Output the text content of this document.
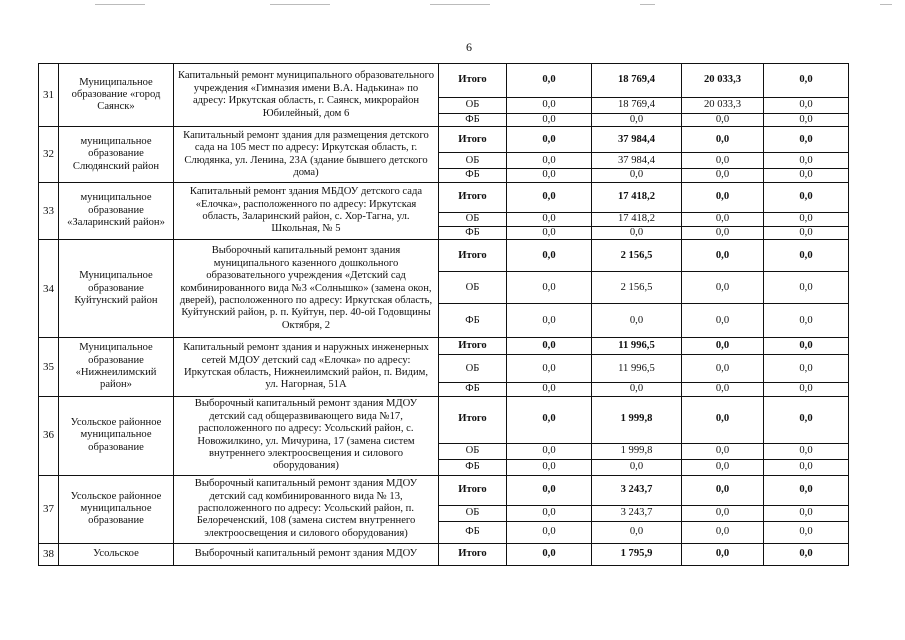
6
31	Муниципальное образование «город Саянск»	Капитальный ремонт муниципального образовательного учреждения «Гимназия имени В.А. Надькина» по адресу: Иркутская область, г. Саянск, микрорайон Юбилейный, дом 6	Итого	0,0	18 769,4	20 033,3	0,0
			ОБ	0,0	18 769,4	20 033,3	0,0
			ФБ	0,0	0,0	0,0	0,0
32	муниципальное образование Слюдянский район	Капитальный ремонт здания для размещения детского сада на 105 мест по адресу: Иркутская область, г. Слюдянка, ул. Ленина, 23А (здание бывшего детского дома)	Итого	0,0	37 984,4	0,0	0,0
			ОБ	0,0	37 984,4	0,0	0,0
			ФБ	0,0	0,0	0,0	0,0
33	муниципальное образование «Заларинский район»	Капитальный ремонт здания МБДОУ детского сада «Елочка», расположенного по адресу: Иркутская область, Заларинский район, с. Хор-Тагна, ул. Школьная, № 5	Итого	0,0	17 418,2	0,0	0,0
			ОБ	0,0	17 418,2	0,0	0,0
			ФБ	0,0	0,0	0,0	0,0
34	Муниципальное образование Куйтунский район	Выборочный капитальный ремонт здания муниципального казенного дошкольного образовательного учреждения «Детский сад комбинированного вида №3 «Солнышко» (замена окон, дверей), расположенного по адресу: Иркутская область, Куйтунский район, р. п. Куйтун, пер. 40-ой Годовщины Октября, 2	Итого	0,0	2 156,5	0,0	0,0
			ОБ	0,0	2 156,5	0,0	0,0
			ФБ	0,0	0,0	0,0	0,0
35	Муниципальное образование «Нижнеилимский район»	Капитальный ремонт здания и наружных инженерных сетей МДОУ детский сад «Елочка» по адресу: Иркутская область, Нижнеилимский район, п. Видим, ул. Нагорная, 51А	Итого	0,0	11 996,5	0,0	0,0
			ОБ	0,0	11 996,5	0,0	0,0
			ФБ	0,0	0,0	0,0	0,0
36	Усольское районное муниципальное образование	Выборочный капитальный ремонт здания МДОУ детский сад общеразвивающего вида №17, расположенного по адресу: Усольский район, с. Новожилкино, ул. Мичурина, 17 (замена систем внутреннего электроосвещения и силового оборудования)	Итого	0,0	1 999,8	0,0	0,0
			ОБ	0,0	1 999,8	0,0	0,0
			ФБ	0,0	0,0	0,0	0,0
37	Усольское районное муниципальное образование	Выборочный капитальный ремонт здания МДОУ детский сад комбинированного вида № 13, расположенного по адресу: Усольский район, п. Белореченский, 108 (замена систем внутреннего электроосвещения и силового оборудования)	Итого	0,0	3 243,7	0,0	0,0
			ОБ	0,0	3 243,7	0,0	0,0
			ФБ	0,0	0,0	0,0	0,0
38	Усольское	Выборочный капитальный ремонт здания МДОУ	Итого	0,0	1 795,9	0,0	0,0
